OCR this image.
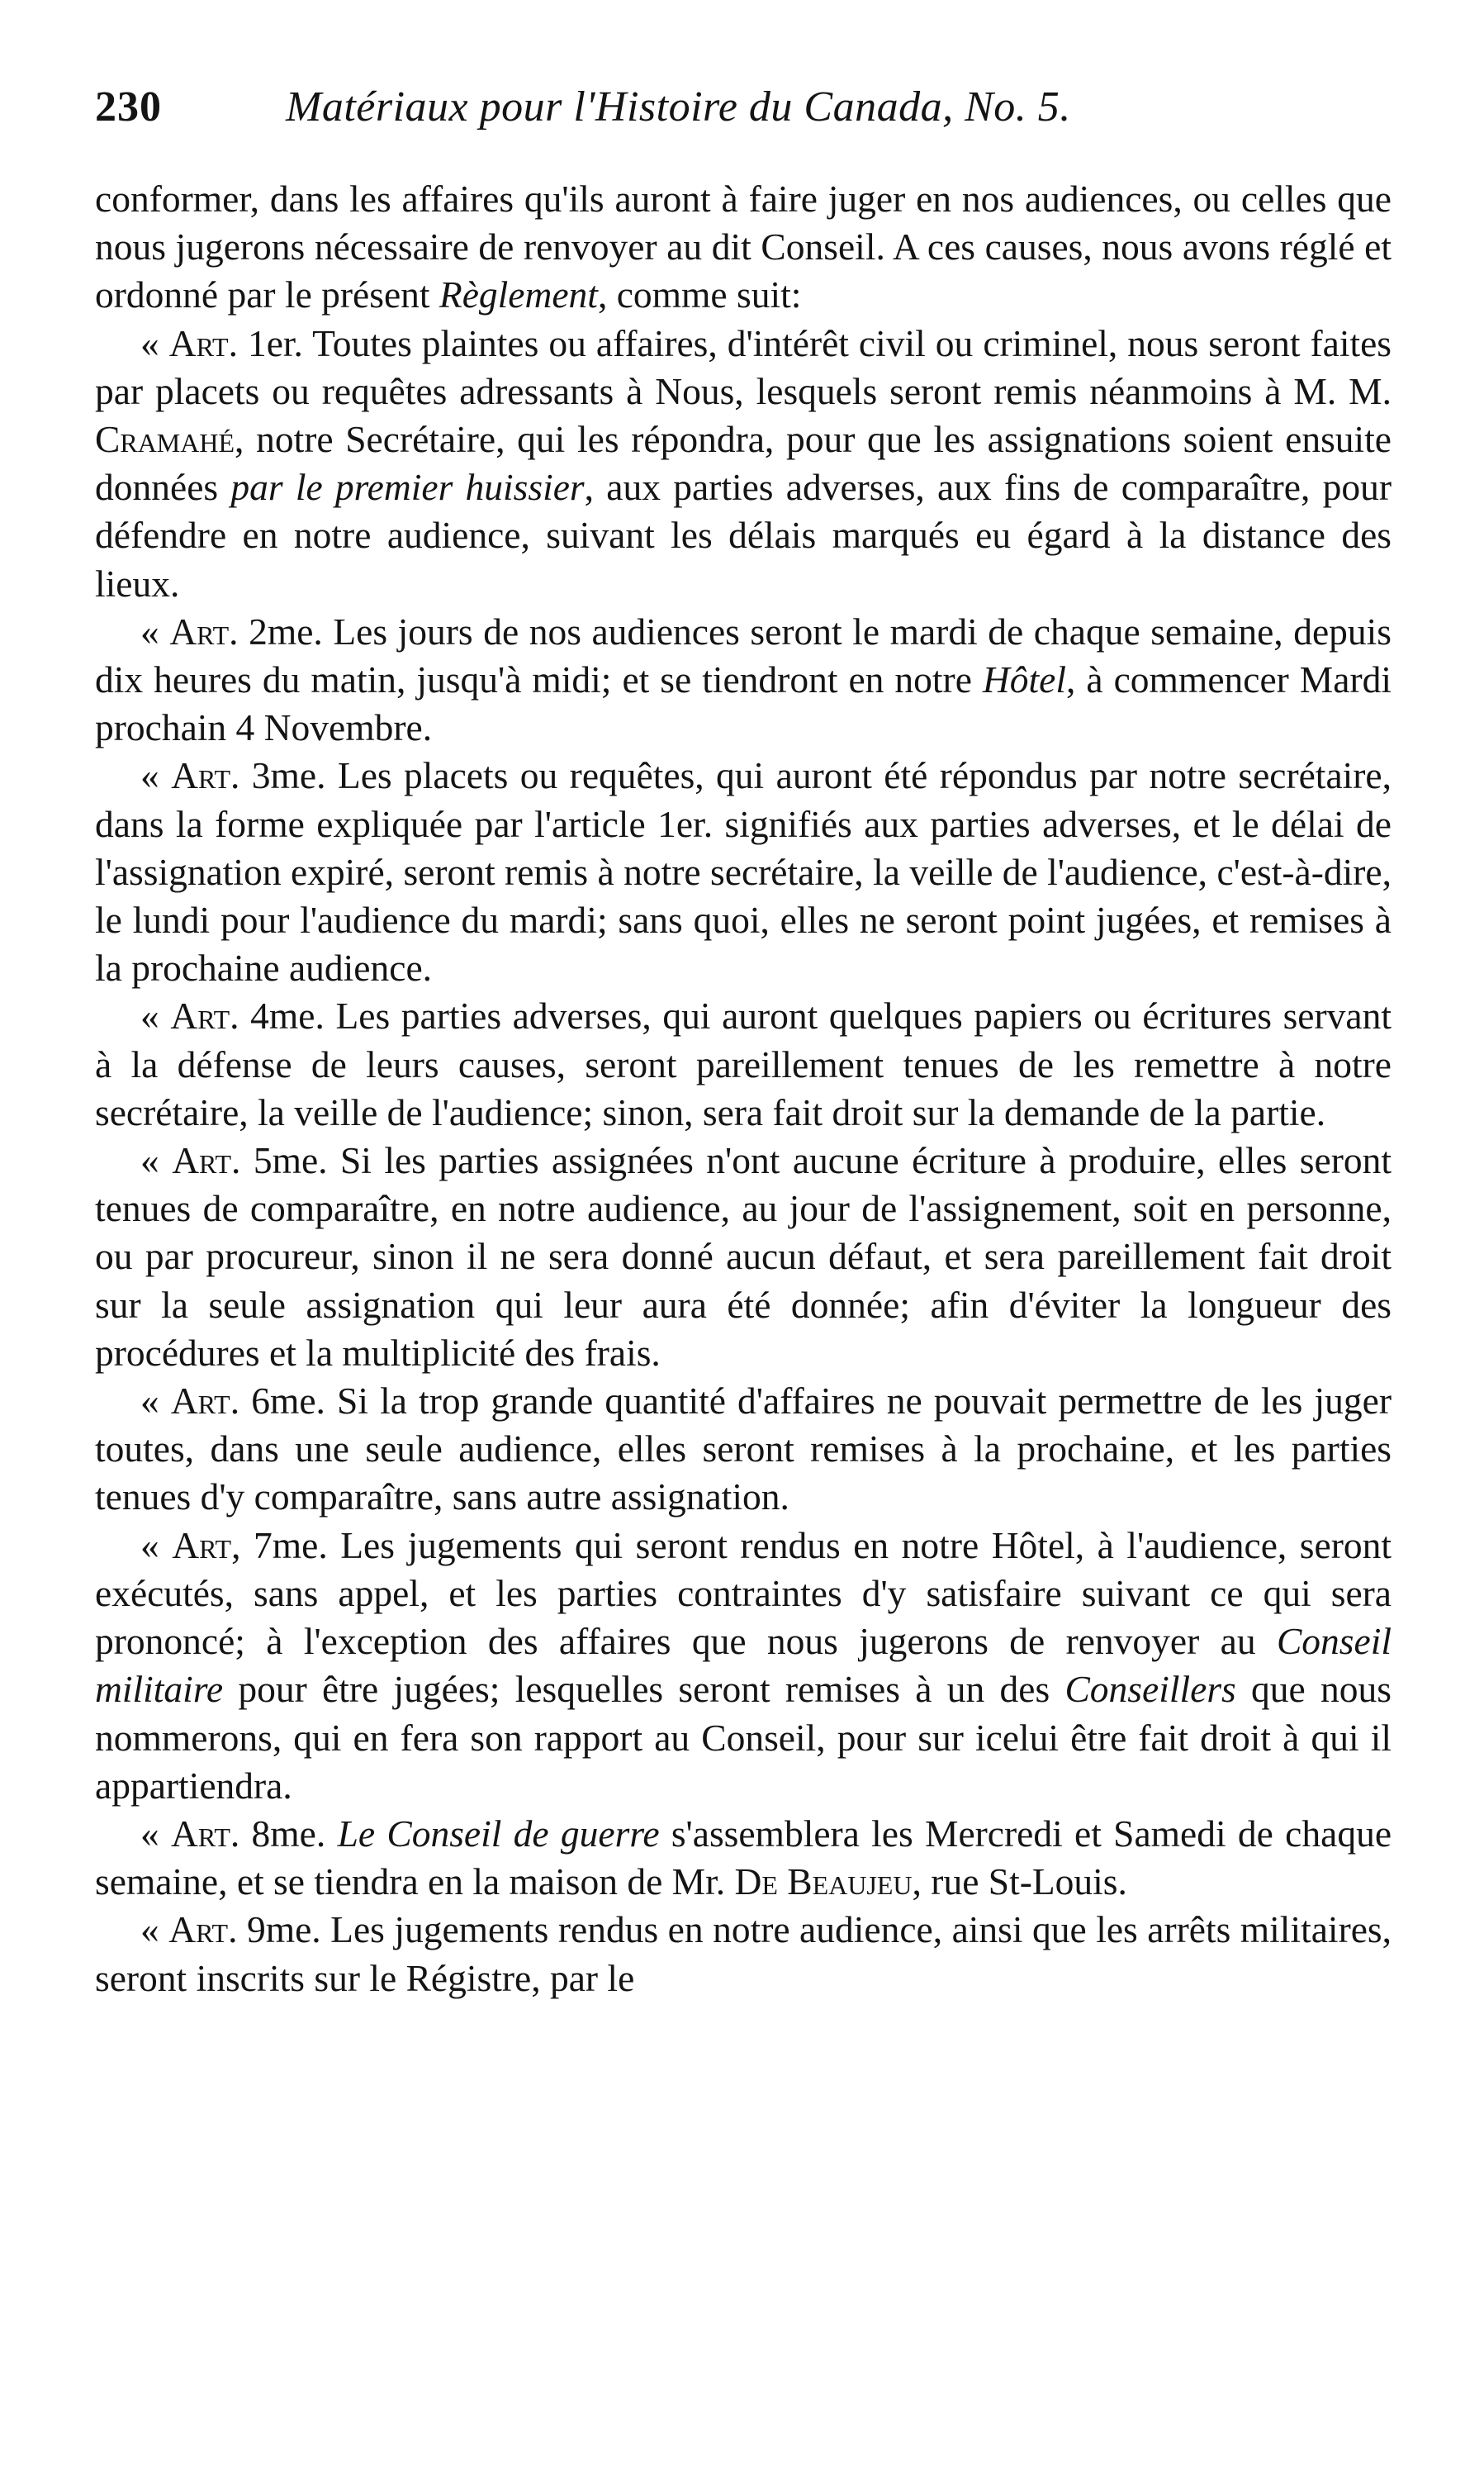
230	Matériaux pour l'Histoire du Canada, No. 5.

conformer, dans les affaires qu'ils auront à faire juger en nos audiences, ou celles que nous jugerons nécessaire de renvoyer au dit Conseil. A ces causes, nous avons réglé et ordonné par le présent Règlement, comme suit:

« Art. 1er. Toutes plaintes ou affaires, d'intérêt civil ou criminel, nous seront faites par placets ou requêtes adressants à Nous, lesquels seront remis néanmoins à M. M. Cramahé, notre Secrétaire, qui les répondra, pour que les assignations soient ensuite données par le premier huissier, aux parties adverses, aux fins de comparaître, pour défendre en notre audience, suivant les délais marqués eu égard à la distance des lieux.

« Art. 2me. Les jours de nos audiences seront le mardi de chaque semaine, depuis dix heures du matin, jusqu'à midi; et se tiendront en notre Hôtel, à commencer Mardi prochain 4 Novembre.

« Art. 3me. Les placets ou requêtes, qui auront été répondus par notre secrétaire, dans la forme expliquée par l'article 1er. signifiés aux parties adverses, et le délai de l'assignation expiré, seront remis à notre secrétaire, la veille de l'audience, c'est-à-dire, le lundi pour l'audience du mardi; sans quoi, elles ne seront point jugées, et remises à la prochaine audience.

« Art. 4me. Les parties adverses, qui auront quelques papiers ou écritures servant à la défense de leurs causes, seront pareillement tenues de les remettre à notre secrétaire, la veille de l'audience; sinon, sera fait droit sur la demande de la partie.

« Art. 5me. Si les parties assignées n'ont aucune écriture à produire, elles seront tenues de comparaître, en notre audience, au jour de l'assignement, soit en personne, ou par procureur, sinon il ne sera donné aucun défaut, et sera pareillement fait droit sur la seule assignation qui leur aura été donnée; afin d'éviter la longueur des procédures et la multiplicité des frais.

« Art. 6me. Si la trop grande quantité d'affaires ne pouvait permettre de les juger toutes, dans une seule audience, elles seront remises à la prochaine, et les parties tenues d'y comparaître, sans autre assignation.

« Art, 7me. Les jugements qui seront rendus en notre Hôtel, à l'audience, seront exécutés, sans appel, et les parties contraintes d'y satisfaire suivant ce qui sera prononcé; à l'exception des affaires que nous jugerons de renvoyer au Conseil militaire pour être jugées; lesquelles seront remises à un des Conseillers que nous nommerons, qui en fera son rapport au Conseil, pour sur icelui être fait droit à qui il appartiendra.

« Art. 8me. Le Conseil de guerre s'assemblera les Mercredi et Samedi de chaque semaine, et se tiendra en la maison de Mr. De Beaujeu, rue St-Louis.

« Art. 9me. Les jugements rendus en notre audience, ainsi que les arrêts militaires, seront inscrits sur le Régistre, par le
